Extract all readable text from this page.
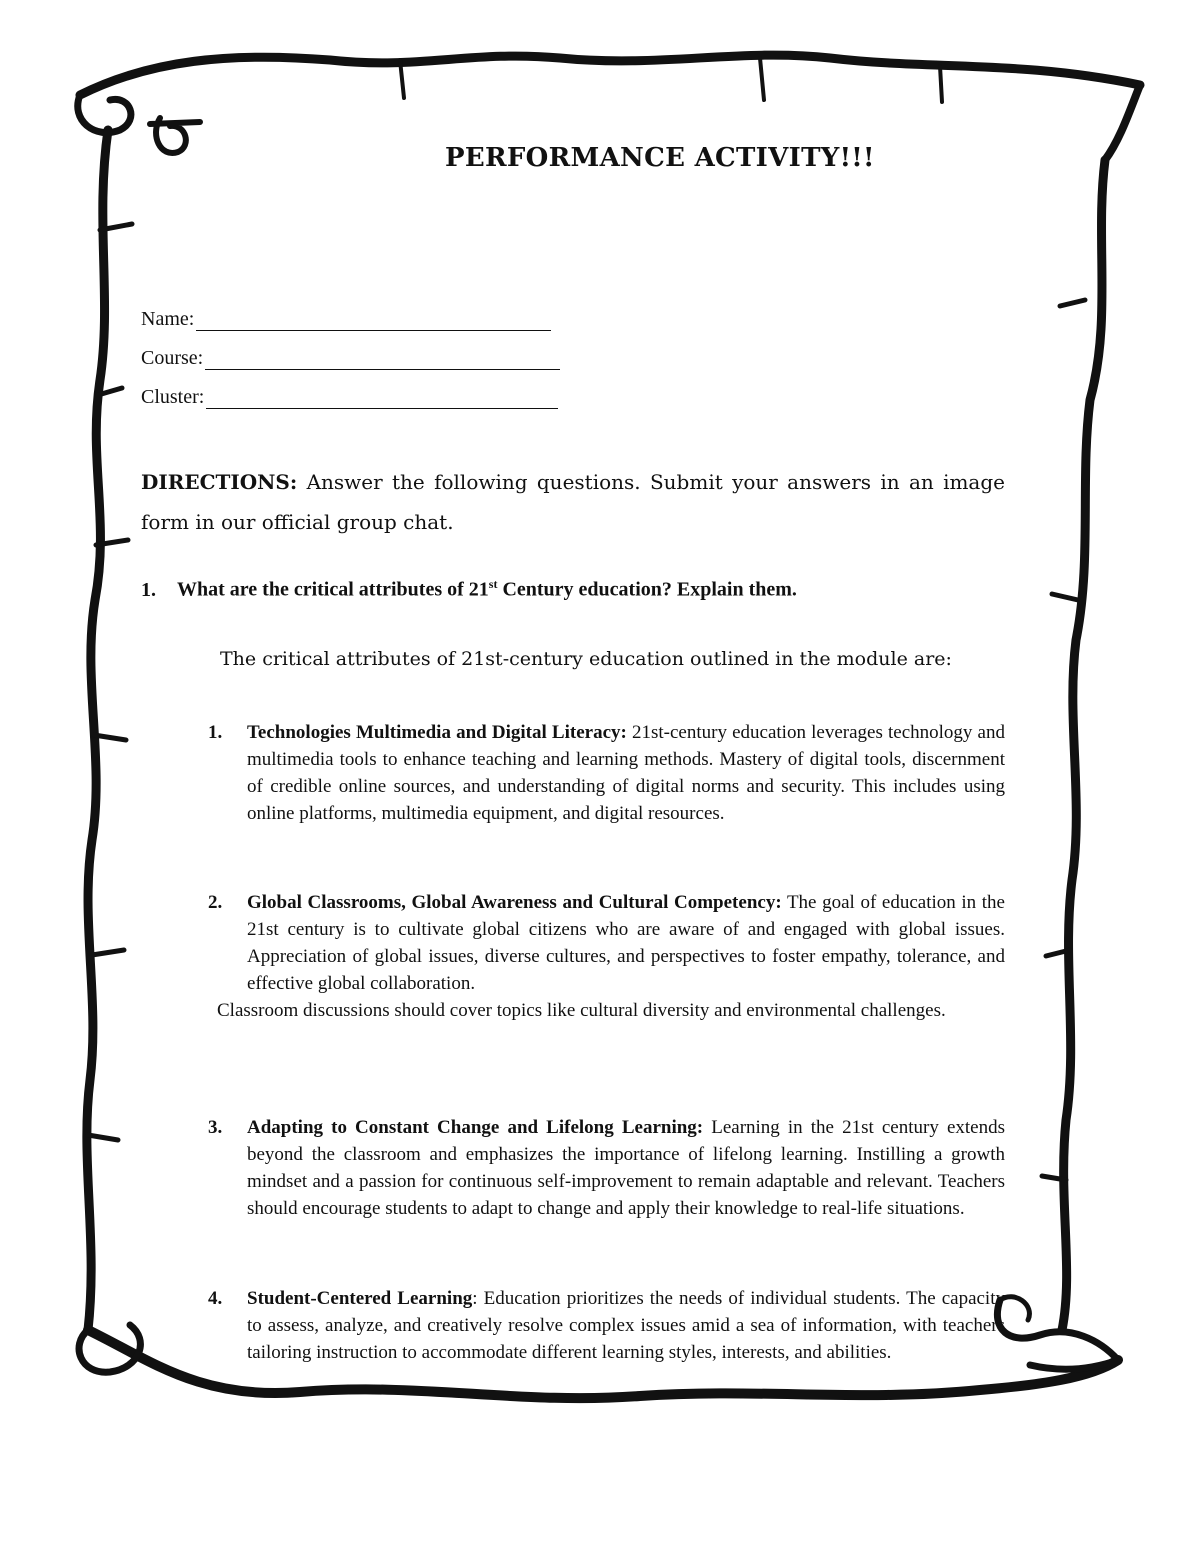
PERFORMANCE ACTIVITY!!!
Name:
Course:
Cluster:
DIRECTIONS: Answer the following questions. Submit your answers in an image form in our official group chat.
1. What are the critical attributes of 21st Century education? Explain them.
The critical attributes of 21st-century education outlined in the module are:
1. Technologies Multimedia and Digital Literacy: 21st-century education leverages technology and multimedia tools to enhance teaching and learning methods. Mastery of digital tools, discernment of credible online sources, and understanding of digital norms and security. This includes using online platforms, multimedia equipment, and digital resources.
2. Global Classrooms, Global Awareness and Cultural Competency: The goal of education in the 21st century is to cultivate global citizens who are aware of and engaged with global issues. Appreciation of global issues, diverse cultures, and perspectives to foster empathy, tolerance, and effective global collaboration.
Classroom discussions should cover topics like cultural diversity and environmental challenges.
3. Adapting to Constant Change and Lifelong Learning: Learning in the 21st century extends beyond the classroom and emphasizes the importance of lifelong learning. Instilling a growth mindset and a passion for continuous self-improvement to remain adaptable and relevant. Teachers should encourage students to adapt to change and apply their knowledge to real-life situations.
4. Student-Centered Learning: Education prioritizes the needs of individual students. The capacity to assess, analyze, and creatively resolve complex issues amid a sea of information, with teachers tailoring instruction to accommodate different learning styles, interests, and abilities.
